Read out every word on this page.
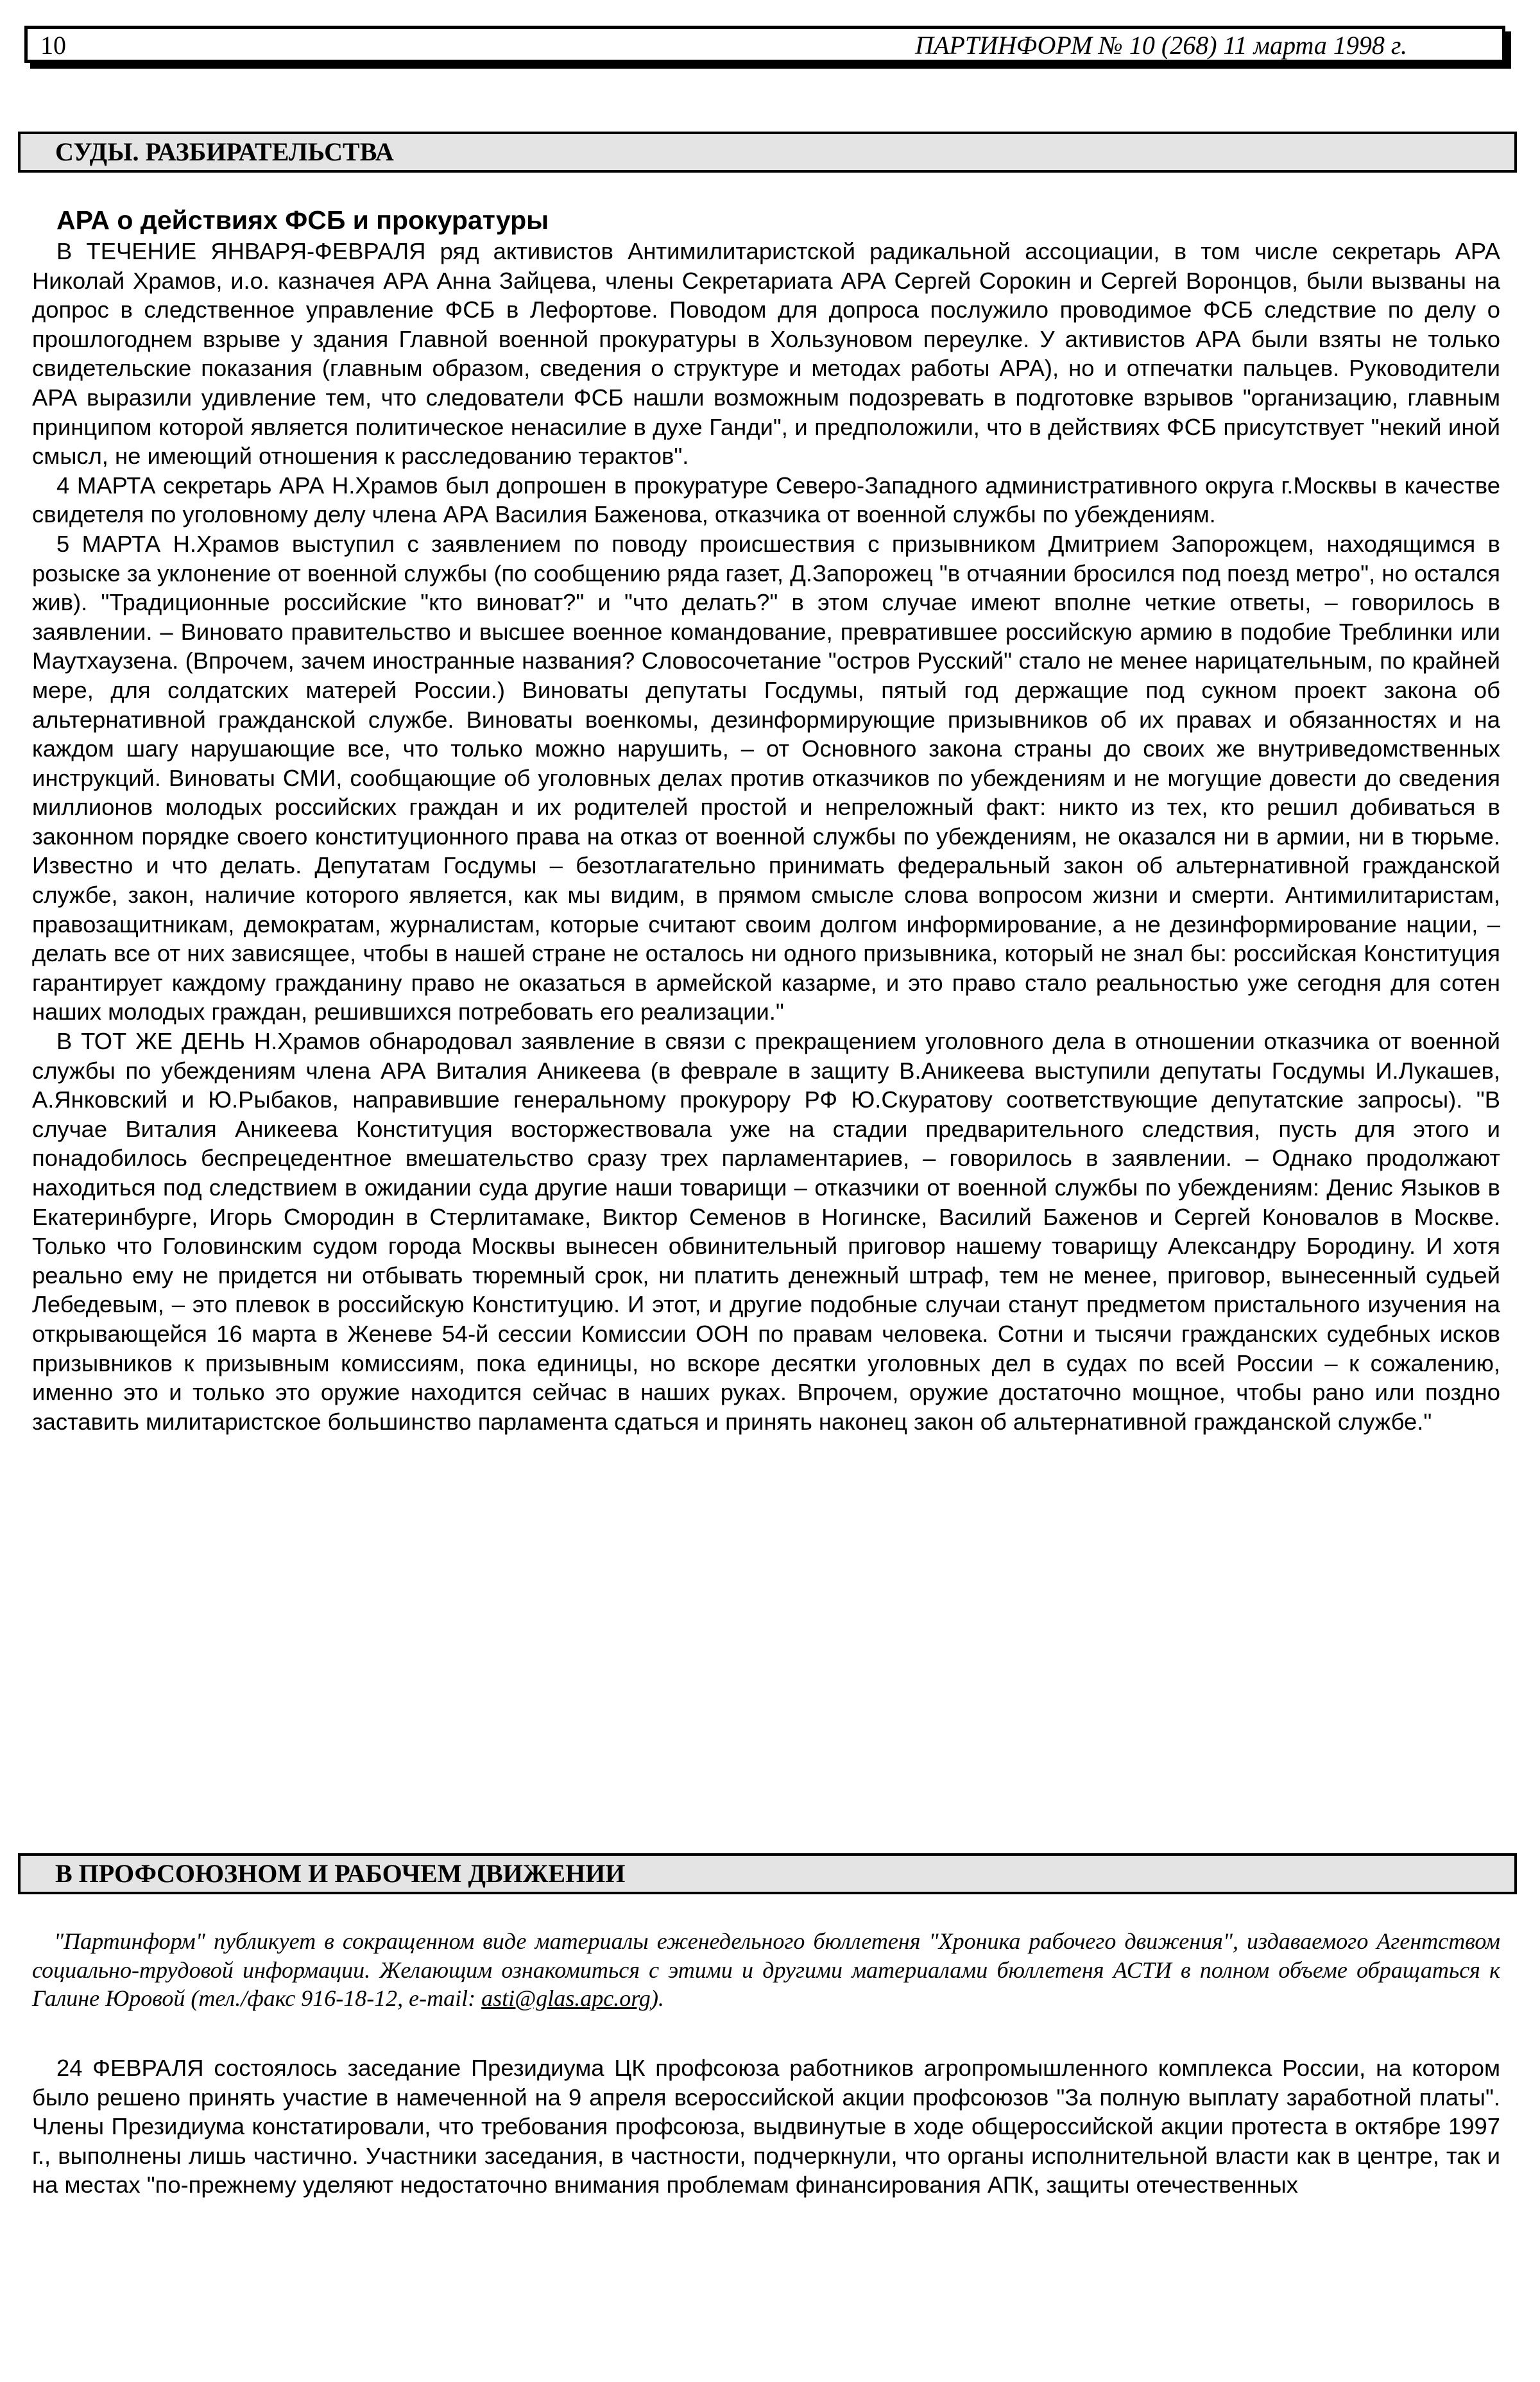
10	ПАРТИНФОРМ № 10 (268) 11 марта 1998 г.
СУДЫ. РАЗБИРАТЕЛЬСТВА
АРА о действиях ФСБ и прокуратуры

В ТЕЧЕНИЕ ЯНВАРЯ-ФЕВРАЛЯ ряд активистов Антимилитаристской радикальной ассоциации, в том числе секретарь АРА Николай Храмов, и.о. казначея АРА Анна Зайцева, члены Секретариата АРА Сергей Сорокин и Сергей Воронцов, были вызваны на допрос в следственное управление ФСБ в Лефортове. Поводом для допроса послужило проводимое ФСБ следствие по делу о прошлогоднем взрыве у здания Главной военной прокуратуры в Хользуновом переулке. У активистов АРА были взяты не только свидетельские показания (главным образом, сведения о структуре и методах работы АРА), но и отпечатки пальцев. Руководители АРА выразили удивление тем, что следователи ФСБ нашли возможным подозревать в подготовке взрывов "организацию, главным принципом которой является политическое ненасилие в духе Ганди", и предположили, что в действиях ФСБ присутствует "некий иной смысл, не имеющий отношения к расследованию терактов".

4 МАРТА секретарь АРА Н.Храмов был допрошен в прокуратуре Северо-Западного административного округа г.Москвы в качестве свидетеля по уголовному делу члена АРА Василия Баженова, отказчика от военной службы по убеждениям.

5 МАРТА Н.Храмов выступил с заявлением по поводу происшествия с призывником Дмитрием Запорожцем, находящимся в розыске за уклонение от военной службы (по сообщению ряда газет, Д.Запорожец "в отчаянии бросился под поезд метро", но остался жив). "Традиционные российские "кто виноват?" и "что делать?" в этом случае имеют вполне четкие ответы, – говорилось в заявлении. – Виновато правительство и высшее военное командование, превратившее российскую армию в подобие Треблинки или Маутхаузена. (Впрочем, зачем иностранные названия? Словосочетание "остров Русский" стало не менее нарицательным, по крайней мере, для солдатских матерей России.) Виноваты депутаты Госдумы, пятый год держащие под сукном проект закона об альтернативной гражданской службе. Виноваты военкомы, дезинформирующие призывников об их правах и обязанностях и на каждом шагу нарушающие все, что только можно нарушить, – от Основного закона страны до своих же внутриведомственных инструкций. Виноваты СМИ, сообщающие об уголовных делах против отказчиков по убеждениям и не могущие довести до сведения миллионов молодых российских граждан и их родителей простой и непреложный факт: никто из тех, кто решил добиваться в законном порядке своего конституционного права на отказ от военной службы по убеждениям, не оказался ни в армии, ни в тюрьме. Известно и что делать. Депутатам Госдумы – безотлагательно принимать федеральный закон об альтернативной гражданской службе, закон, наличие которого является, как мы видим, в прямом смысле слова вопросом жизни и смерти. Антимилитаристам, правозащитникам, демократам, журналистам, которые считают своим долгом информирование, а не дезинформирование нации, – делать все от них зависящее, чтобы в нашей стране не осталось ни одного призывника, который не знал бы: российская Конституция гарантирует каждому гражданину право не оказаться в армейской казарме, и это право стало реальностью уже сегодня для сотен наших молодых граждан, решившихся потребовать его реализации."

В ТОТ ЖЕ ДЕНЬ Н.Храмов обнародовал заявление в связи с прекращением уголовного дела в отношении отказчика от военной службы по убеждениям члена АРА Виталия Аникеева (в феврале в защиту В.Аникеева выступили депутаты Госдумы И.Лукашев, А.Янковский и Ю.Рыбаков, направившие генеральному прокурору РФ Ю.Скуратову соответствующие депутатские запросы). "В случае Виталия Аникеева Конституция восторжествовала уже на стадии предварительного следствия, пусть для этого и понадобилось беспрецедентное вмешательство сразу трех парламентариев, – говорилось в заявлении. – Однако продолжают находиться под следствием в ожидании суда другие наши товарищи – отказчики от военной службы по убеждениям: Денис Языков в Екатеринбурге, Игорь Смородин в Стерлитамаке, Виктор Семенов в Ногинске, Василий Баженов и Сергей Коновалов в Москве. Только что Головинским судом города Москвы вынесен обвинительный приговор нашему товарищу Александру Бородину. И хотя реально ему не придется ни отбывать тюремный срок, ни платить денежный штраф, тем не менее, приговор, вынесенный судьей Лебедевым, – это плевок в российскую Конституцию. И этот, и другие подобные случаи станут предметом пристального изучения на открывающейся 16 марта в Женеве 54-й сессии Комиссии ООН по правам человека. Сотни и тысячи гражданских судебных исков призывников к призывным комиссиям, пока единицы, но вскоре десятки уголовных дел в судах по всей России – к сожалению, именно это и только это оружие находится сейчас в наших руках. Впрочем, оружие достаточно мощное, чтобы рано или поздно заставить милитаристское большинство парламента сдаться и принять наконец закон об альтернативной гражданской службе."

В ПРОФСОЮЗНОМ И РАБОЧЕМ ДВИЖЕНИИ

"Партинформ" публикует в сокращенном виде материалы еженедельного бюллетеня "Хроника рабочего движения", издаваемого Агентством социально-трудовой информации. Желающим ознакомиться с этими и другими материалами бюллетеня АСТИ в полном объеме обращаться к Галине Юровой (тел./факс 916-18-12, e-mail: asti@glas.apc.org).

24 ФЕВРАЛЯ состоялось заседание Президиума ЦК профсоюза работников агропромышленного комплекса России, на котором было решено принять участие в намеченной на 9 апреля всероссийской акции профсоюзов "За полную выплату заработной платы". Члены Президиума констатировали, что требования профсоюза, выдвинутые в ходе общероссийской акции протеста в октябре 1997 г., выполнены лишь частично. Участники заседания, в частности, подчеркнули, что органы исполнительной власти как в центре, так и на местах "по-прежнему уделяют недостаточно внимания проблемам финансирования АПК, защиты отечественных
